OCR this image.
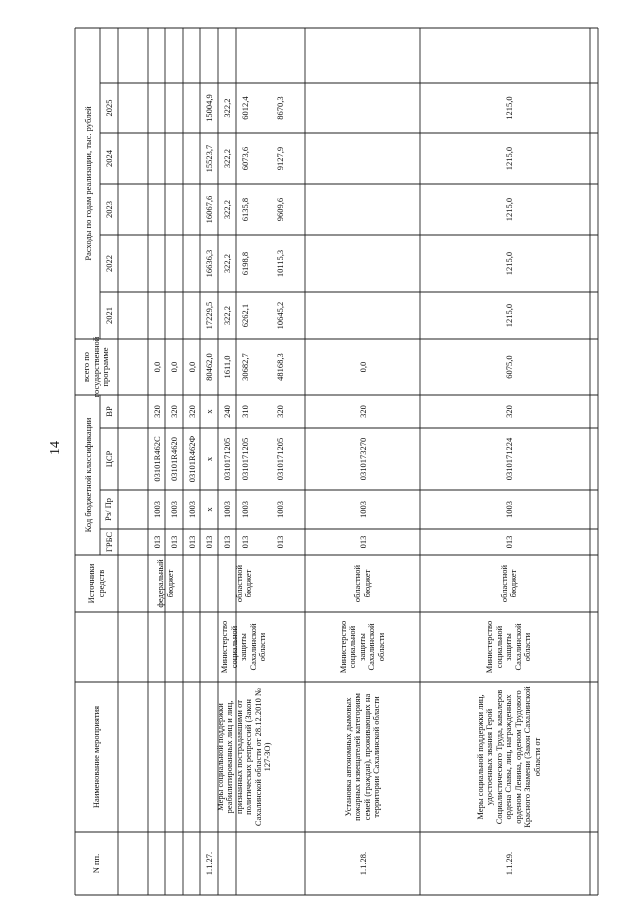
14
N пп.
Наименование мероприятия
Источники средств
Код бюджетной классификации
ГРБС
Рз/ Пр
ЦСР
ВР
всего по государственной программе
Расходы по годам реализации, тыс. рублей
2021
2022
2023
2024
2025
федеральный бюджет
013
1003
03101R462C
320
0,0
013
1003
03101R4620
320
0,0
013
1003
03101R462Ф
320
0,0
1.1.27.
Меры социальной поддержки реабилитированных лиц и лиц, признанных пострадавшими от политических репрессий (Закон Сахалинской области от 28.12.2010 № 127-ЗО)
Министерство социальной защиты Сахалинской области
областной бюджет
013
x
x
x
80462,0
17229,5
16636,3
16067,6
15523,7
15004,9
013
1003
0310171205
240
1611,0
322,2
322,2
322,2
322,2
322,2
013
1003
0310171205
310
30682,7
6262,1
6198,8
6135,8
6073,6
6012,4
013
1003
0310171205
320
48168,3
10645,2
10115,3
9609,6
9127,9
8670,3
1.1.28.
Установка автономных дымовых пожарных извещателей категориям семей (граждан), проживающих на территории Сахалинской области
Министерство социальной защиты Сахалинской области
областной бюджет
013
1003
0310173270
320
0,0
1.1.29.
Меры социальной поддержки лиц, удостоенных звания Герой Социалистического Труда, кавалеров ордена Славы, лиц, награжденных орденом Ленина, орденом Трудового Красного Знамени (Закон Сахалинской области от
Министерство социальной защиты Сахалинской области
областной бюджет
013
1003
0310171224
320
6075,0
1215,0
1215,0
1215,0
1215,0
1215,0
